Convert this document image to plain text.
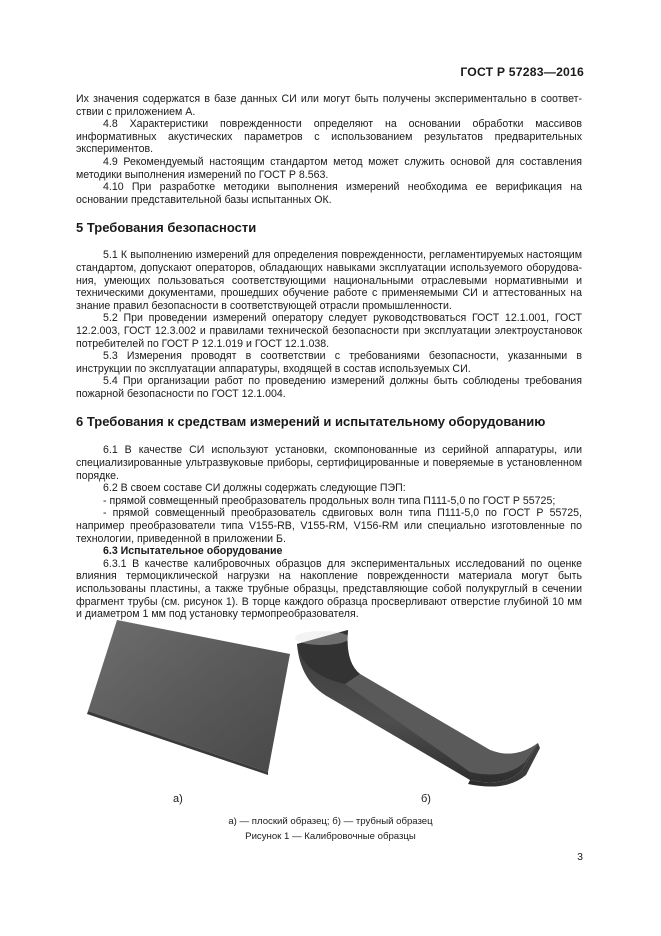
ГОСТ Р 57283—2016

Их значения содержатся в базе данных СИ или могут быть получены экспериментально в соответствии с приложением А.

4.8 Характеристики поврежденности определяют на основании обработки массивов информативных акустических параметров с использованием результатов предварительных экспериментов.

4.9 Рекомендуемый настоящим стандартом метод может служить основой для составления методики выполнения измерений по ГОСТ Р 8.563.

4.10 При разработке методики выполнения измерений необходима ее верификация на основании представительной базы испытанных ОК.

5 Требования безопасности

5.1 К выполнению измерений для определения поврежденности, регламентируемых настоящим стандартом, допускают операторов, обладающих навыками эксплуатации используемого оборудования, умеющих пользоваться соответствующими национальными отраслевыми нормативными и техническими документами, прошедших обучение работе с применяемыми СИ и аттестованных на знание правил безопасности в соответствующей отрасли промышленности.

5.2 При проведении измерений оператору следует руководствоваться ГОСТ 12.1.001, ГОСТ 12.2.003, ГОСТ 12.3.002 и правилами технической безопасности при эксплуатации электроустановок потребителей по ГОСТ Р 12.1.019 и ГОСТ 12.1.038.

5.3 Измерения проводят в соответствии с требованиями безопасности, указанными в инструкции по эксплуатации аппаратуры, входящей в состав используемых СИ.

5.4 При организации работ по проведению измерений должны быть соблюдены требования пожарной безопасности по ГОСТ 12.1.004.

6 Требования к средствам измерений и испытательному оборудованию

6.1 В качестве СИ используют установки, скомпонованные из серийной аппаратуры, или специализированные ультразвуковые приборы, сертифицированные и поверяемые в установленном порядке.

6.2 В своем составе СИ должны содержать следующие ПЭП:

- прямой совмещенный преобразователь продольных волн типа П111-5,0 по ГОСТ Р 55725;

- прямой совмещенный преобразователь сдвиговых волн типа П111-5,0 по ГОСТ Р 55725, например преобразователи типа V155-RB, V155-RM, V156-RM или специально изготовленные по технологии, приведенной в приложении Б.

6.3 Испытательное оборудование

6.3.1 В качестве калибровочных образцов для экспериментальных исследований по оценке влияния термоциклической нагрузки на накопление поврежденности материала могут быть использованы пластины, а также трубные образцы, представляющие собой полукруглый в сечении фрагмент трубы (см. рисунок 1). В торце каждого образца просверливают отверстие глубиной 10 мм и диаметром 1 мм под установку термопреобразователя.

а)	б)
а) — плоский образец; б) — трубный образец
Рисунок 1 — Калибровочные образцы
3
